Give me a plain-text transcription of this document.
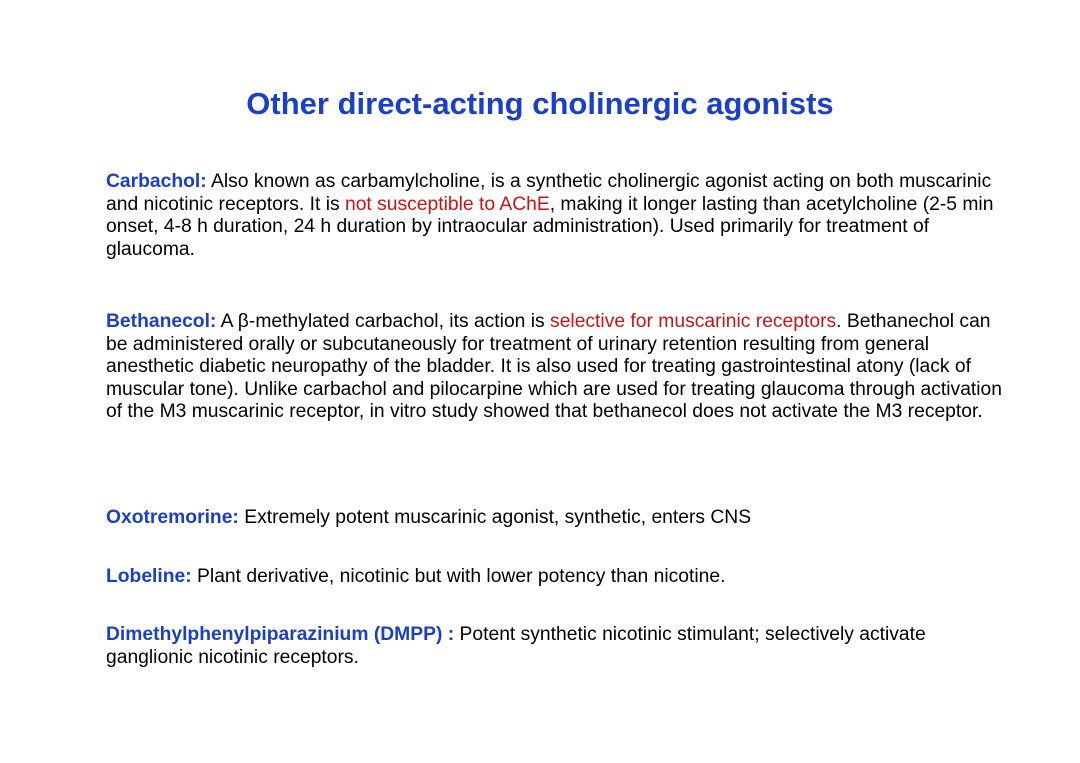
Other direct-acting cholinergic agonists

Carbachol: Also known as carbamylcholine, is a synthetic cholinergic agonist acting on both muscarinic and nicotinic receptors. It is not susceptible to AChE, making it longer lasting than acetylcholine (2-5 min onset, 4-8 h duration, 24 h duration by intraocular administration). Used primarily for treatment of glaucoma.

Bethanecol: A β-methylated carbachol, its action is selective for muscarinic receptors. Bethanechol can be administered orally or subcutaneously for treatment of urinary retention resulting from general anesthetic diabetic neuropathy of the bladder. It is also used for treating gastrointestinal atony (lack of muscular tone). Unlike carbachol and pilocarpine which are used for treating glaucoma through activation of the M3 muscarinic receptor, in vitro study showed that bethanecol does not activate the M3 receptor.

Oxotremorine: Extremely potent muscarinic agonist, synthetic, enters CNS

Lobeline: Plant derivative, nicotinic but with lower potency than nicotine.

Dimethylphenylpiparazinium (DMPP) : Potent synthetic nicotinic stimulant; selectively activate ganglionic nicotinic receptors.
